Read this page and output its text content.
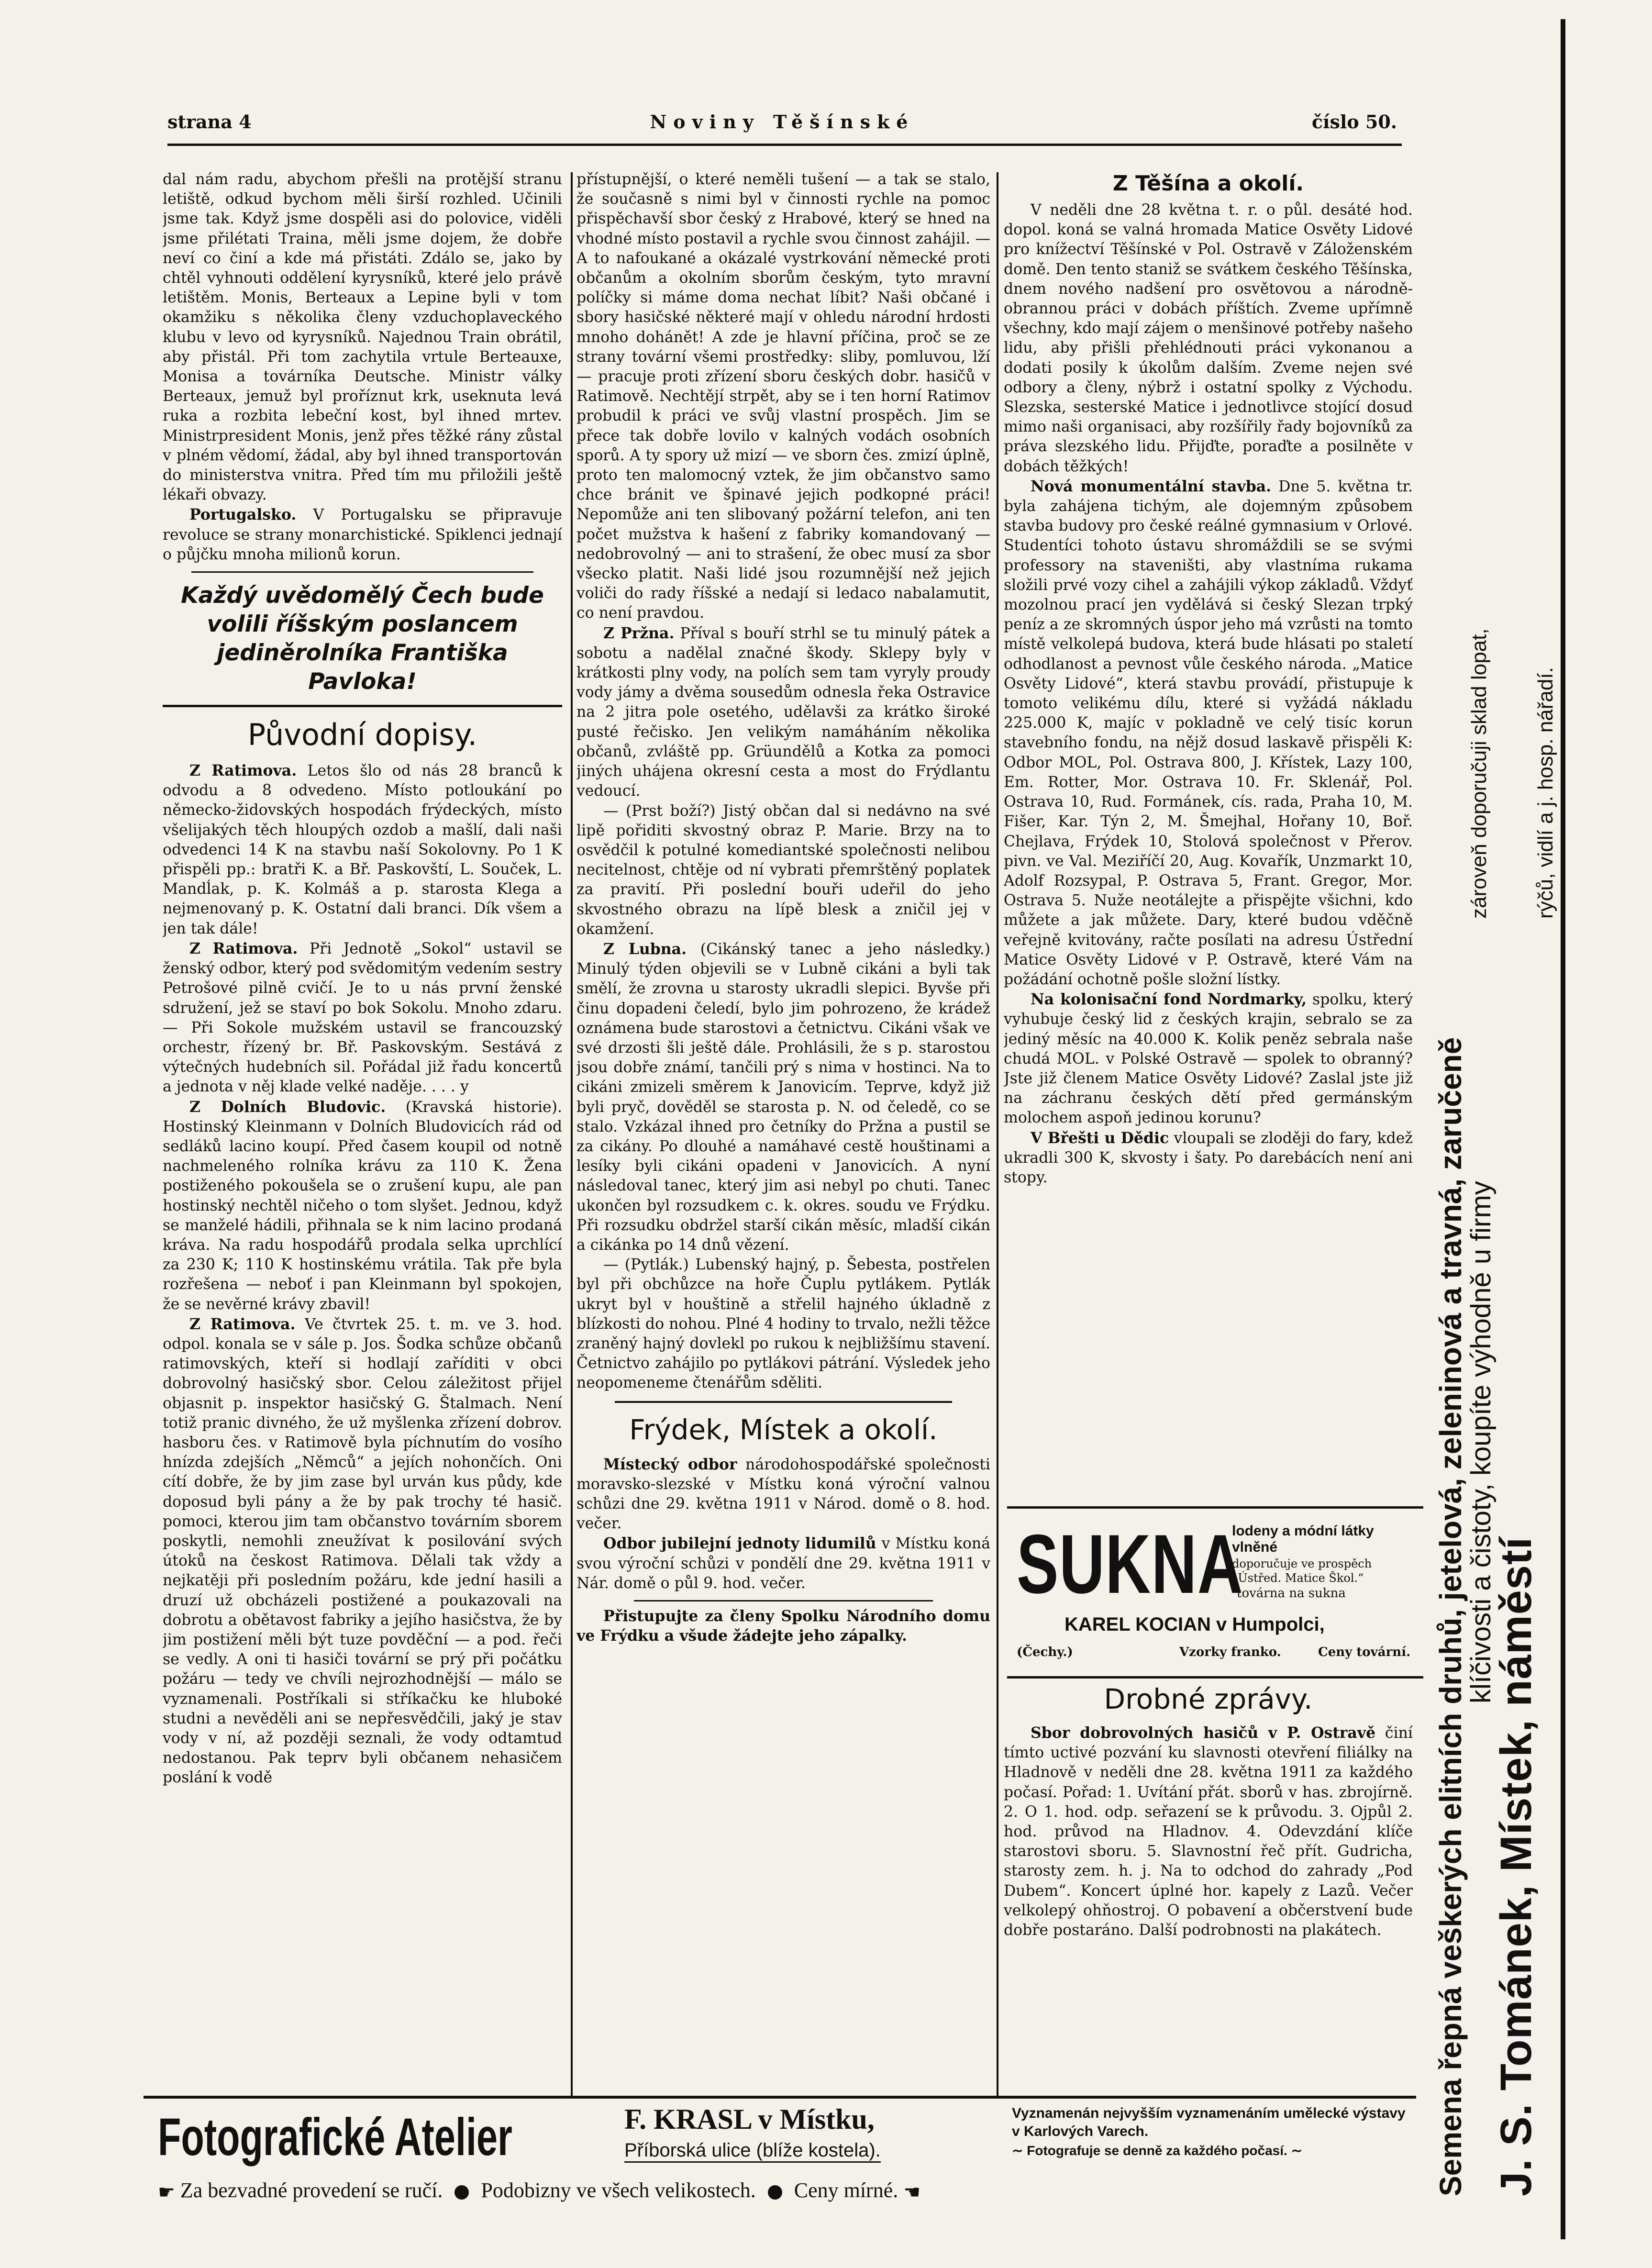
strana 4	Noviny Těšínské	číslo 50.

dal nám radu, abychom přešli na protější stranu letiště, odkud bychom měli širší rozhled. Učinili jsme tak. Když jsme dospěli asi do polovice, viděli jsme přilétati Traina, měli jsme dojem, že dobře neví co činí a kde má přistáti. Zdálo se, jako by chtěl vyhnouti oddělení kyrysníků, které jelo právě letištěm. Monis, Berteaux a Lepine byli v tom okamžiku s několika členy vzduchoplaveckého klubu v levo od kyrysníků. Najednou Train obrátil, aby přistál. Při tom zachytila vrtule Berteauxe, Monisa a továrníka Deutsche. Ministr války Berteaux, jemuž byl proříznut krk, useknuta levá ruka a rozbita lebeční kost, byl ihned mrtev. Ministrpresident Monis, jenž přes těžké rány zůstal v plném vědomí, žádal, aby byl ihned transportován do ministerstva vnitra. Před tím mu přiložili ještě lékaři obvazy.

Portugalsko. V Portugalsku se připravuje revoluce se strany monarchistické. Spiklenci jednají o půjčku mnoha milionů korun.

Každý uvědomělý Čech bude volili říšským poslancem jediněrolníka Františka Pavloka!
Původní dopisy.

Z Ratimova. Letos šlo od nás 28 branců k odvodu a 8 odvedeno. Místo potloukání po německo-židovských hospodách frýdeckých, místo všelijakých těch hloupých ozdob a mašlí, dali naši odvedenci 14 K na stavbu naší Sokolovny. Po 1 K přispěli pp.: bratři K. a Bř. Paskovští, L. Souček, L. Mandĺak, p. K. Kolmáš a p. starosta Klega a nejmenovaný p. K. Ostatní dali branci. Dík všem a jen tak dále!

Z Ratimova. Při Jednotě „Sokol“ ustavil se ženský odbor, který pod svědomitým vedením sestry Petrošové pilně cvičí. Je to u nás první ženské sdružení, jež se staví po bok Sokolu. Mnoho zdaru. — Při Sokole mužském ustavil se francouzský orchestr, řízený br. Bř. Paskovským. Sestává z výtečných hudebních sil. Pořádal již řadu koncertů a jednota v něj klade velké naděje. . . . y

Z Dolních Bludovic. (Kravská historie). Hostinský Kleinmann v Dolních Bludovicích rád od sedláků lacino koupí. Před časem koupil od notně nachmeleného rolníka krávu za 110 K. Žena postiženého pokoušela se o zrušení kupu, ale pan hostinský nechtěl ničeho o tom slyšet. Jednou, když se manželé hádili, přihnala se k nim lacino prodaná kráva. Na radu hospodářů prodala selka uprchlící za 230 K; 110 K hostinskému vrátila. Tak pře byla rozřešena — neboť i pan Kleinmann byl spokojen, že se nevěrné krávy zbavil!

Z Ratimova. Ve čtvrtek 25. t. m. ve 3. hod. odpol. konala se v sále p. Jos. Šodka schůze občanů ratimovských, kteří si hodlají zaříditi v obci dobrovolný hasičský sbor. Celou záležitost přijel objasnit p. inspektor hasičský G. Štalmach. Není totiž pranic divného, že už myšlenka zřízení dobrov. hasboru čes. v Ratimově byla píchnutím do vosího hnízda zdejších „Němců“ a jejích nohončích. Oni cítí dobře, že by jim zase byl urván kus půdy, kde doposud byli pány a že by pak trochy té hasič. pomoci, kterou jim tam občanstvo továrním sborem poskytli, nemohli zneužívat k posilování svých útoků na českost Ratimova. Dělali tak vždy a nejkatěji při posledním požáru, kde jední hasili a druzí už obcházeli postižené a poukazovali na dobrotu a obětavost fabriky a jejího hasičstva, že by jim postižení měli být tuze povděční — a pod. řeči se vedly. A oni ti hasiči tovární se prý při počátku požáru — tedy ve chvíli nejrozhodnější — málo se vyznamenali. Postříkali si stříkačku ke hluboké studni a nevěděli ani se nepřesvědčili, jaký je stav vody v ní, až později seznali, že vody odtamtud nedostanou. Pak teprv byli občanem nehasičem poslání k vodě

přístupnější, o které neměli tušení — a tak se stalo, že současně s nimi byl v činnosti rychle na pomoc přispěchavší sbor český z Hrabové, který se hned na vhodné místo postavil a rychle svou činnost zahájil. — A to nafoukané a okázalé vystrkování německé proti občanům a okolním sborům českým, tyto mravní políčky si máme doma nechat líbit? Naši občané i sbory hasičské některé mají v ohledu národní hrdosti mnoho dohánět! A zde je hlavní příčina, proč se ze strany tovární všemi prostředky: sliby, pomluvou, lží — pracuje proti zřízení sboru českých dobr. hasičů v Ratimově. Nechtějí strpět, aby se i ten horní Ratimov probudil k práci ve svůj vlastní prospěch. Jim se přece tak dobře lovilo v kalných vodách osobních sporů. A ty spory už mizí — ve sborn čes. zmizí úplně, proto ten malomocný vztek, že jim občanstvo samo chce bránit ve špinavé jejich podkopné práci! Nepomůže ani ten slibovaný požární telefon, ani ten počet mužstva k hašení z fabriky komandovaný — nedobrovolný — ani to strašení, že obec musí za sbor všecko platit. Naši lidé jsou rozumnější než jejich voliči do rady říšské a nedají si ledaco nabalamutit, co není pravdou.

Z Pržna. Příval s bouří strhl se tu minulý pátek a sobotu a nadělal značné škody. Sklepy byly v krátkosti plny vody, na polích sem tam vyryly proudy vody jámy a dvěma sousedům odnesla řeka Ostravice na 2 jitra pole osetého, udělavši za krátko široké pusté řečisko. Jen velikým namáháním několika občanů, zvláště pp. Grüundělů a Kotka za pomoci jiných uhájena okresní cesta a most do Frýdlantu vedoucí.

— (Prst boží?) Jistý občan dal si nedávno na své lipě pořiditi skvostný obraz P. Marie. Brzy na to osvědčil k potulné komediantské společnosti nelibou necitelnost, chtěje od ní vybrati přemrštěný poplatek za pravití. Při poslední bouři udeřil do jeho skvostného obrazu na lípě blesk a zničil jej v okamžení.

Z Lubna. (Cikánský tanec a jeho následky.) Minulý týden objevili se v Lubně cikáni a byli tak smělí, že zrovna u starosty ukradli slepici. Byvše při činu dopadeni čeledí, bylo jim pohrozeno, že krádež oznámena bude starostovi a četnictvu. Cikáni však ve své drzosti šli ještě dále. Prohlásili, že s p. starostou jsou dobře známí, tančili prý s nima v hostinci. Na to cikáni zmizeli směrem k Janovicím. Teprve, když již byli pryč, dověděl se starosta p. N. od čeledě, co se stalo. Vzkázal ihned pro četníky do Pržna a pustil se za cikány. Po dlouhé a namáhavé cestě houštinami a lesíky byli cikáni opadeni v Janovicích. A nyní následoval tanec, který jim asi nebyl po chuti. Tanec ukončen byl rozsudkem c. k. okres. soudu ve Frýdku. Při rozsudku obdržel starší cikán měsíc, mladší cikán a cikánka po 14 dnů vězení.

— (Pytlák.) Lubenský hajný, p. Šebesta, postřelen byl při obchůzce na hoře Čuplu pytlákem. Pytlák ukryt byl v houštině a střelil hajného úkladně z blízkosti do nohou. Plné 4 hodiny to trvalo, nežli těžce zraněný hajný dovlekl po rukou k nejbližšímu stavení. Četnictvo zahájilo po pytlákovi pátrání. Výsledek jeho neopomeneme čtenářům sděliti.

Frýdek, Místek a okolí.

Místecký odbor národohospodářské společnosti moravsko-slezské v Místku koná výroční valnou schůzi dne 29. května 1911 v Národ. domě o 8. hod. večer.

Odbor jubilejní jednoty lidumilů v Místku koná svou výroční schůzi v pondělí dne 29. května 1911 v Nár. domě o půl 9. hod. večer.

Přistupujte za členy Spolku Národního domu ve Frýdku a všude žádejte jeho zápalky.

Z Těšína a okolí.

V neděli dne 28 května t. r. o půl. desáté hod. dopol. koná se valná hromada Matice Osvěty Lidové pro knížectví Těšínské v Pol. Ostravě v Záloženském domě. Den tento staniž se svátkem českého Těšínska, dnem nového nadšení pro osvětovou a národně-obrannou práci v dobách příštích. Zveme upřímně všechny, kdo mají zájem o menšinové potřeby našeho lidu, aby přišli přehlédnouti práci vykonanou a dodati posily k úkolům dalším. Zveme nejen své odbory a členy, nýbrž i ostatní spolky z Východu. Slezska, sesterské Matice i jednotlivce stojící dosud mimo naši organisaci, aby rozšířily řady bojovníků za práva slezského lidu. Přijďte, poraďte a posilněte v dobách těžkých!

Nová monumentální stavba. Dne 5. května tr. byla zahájena tichým, ale dojemným způsobem stavba budovy pro české reálné gymnasium v Orlové. Studentíci tohoto ústavu shromáždili se se svými professory na staveništi, aby vlastníma rukama složili prvé vozy cihel a zahájili výkop základů. Vždyť mozolnou prací jen vydělává si český Slezan trpký peníz a ze skromných úspor jeho má vzrůsti na tomto místě velkolepá budova, která bude hlásati po staletí odhodlanost a pevnost vůle českého národa. „Matice Osvěty Lidové“, která stavbu provádí, přistupuje k tomoto velikému dílu, které si vyžádá nákladu 225.000 K, majíc v pokladně ve celý tisíc korun stavebního fondu, na nějž dosud laskavě přispěli K: Odbor MOL, Pol. Ostrava 800, J. Křístek, Lazy 100, Em. Rotter, Mor. Ostrava 10. Fr. Sklenář, Pol. Ostrava 10, Rud. Formánek, cís. rada, Praha 10, M. Fišer, Kar. Týn 2, M. Šmejhal, Hořany 10, Boř. Chejlava, Frýdek 10, Stolová společnost v Přerov. pivn. ve Val. Meziříčí 20, Aug. Kovařík, Unzmarkt 10, Adolf Rozsypal, P. Ostrava 5, Frant. Gregor, Mor. Ostrava 5. Nuže neotálejte a přispějte všichni, kdo můžete a jak můžete. Dary, které budou vděčně veřejně kvitovány, račte posílati na adresu Ústřední Matice Osvěty Lidové v P. Ostravě, které Vám na požádání ochotně pošle složní lístky.

Na kolonisační fond Nordmarky, spolku, který vyhubuje český lid z českých krajin, sebralo se za jediný měsíc na 40.000 K. Kolik peněz sebrala naše chudá MOL. v Polské Ostravě — spolek to obranný? Jste již členem Matice Osvěty Lidové? Zaslal jste již na záchranu českých dětí před germánským molochem aspoň jedinou korunu?

V Břešti u Dědic vloupali se zloději do fary, kdež ukradli 300 K, skvosty i šaty. Po darebácích není ani stopy.

SUKNA
lodeny a módní látky vlněné
doporučuje ve prospěch „Ústřed. Matice Škol.“
továrna na sukna
KAREL KOCIAN v Humpolci,
(Čechy.)	Vzorky franko.	Ceny tovární.
Drobné zprávy.

Sbor dobrovolných hasičů v P. Ostravě činí tímto uctivé pozvání ku slavnosti otevření filiálky na Hladnově v neděli dne 28. května 1911 za každého počasí. Pořad: 1. Uvítání přát. sborů v has. zbrojírně. 2. O 1. hod. odp. seřazení se k průvodu. 3. Ojpůl 2. hod. průvod na Hladnov. 4. Odevzdání klíče starostovi sboru. 5. Slavnostní řeč přít. Gudricha, starosty zem. h. j. Na to odchod do zahrady „Pod Dubem“. Koncert úplné hor. kapely z Lazů. Večer velkolepý ohňostroj. O pobavení a občerstvení bude dobře postaráno. Další podrobnosti na plakátech.	Semena řepná veškerých elitních druhů, jetelová, zeleninová a travná, zaručeně
klíčivosti a čistoty, koupíte výhodně u firmy
zároveň doporučuji sklad lopat,
J. S. Tománek, Místek, náměstí
rýčů, vidlí a j. hosp. nářadí.
Fotografické Atelier	F. KRASL v Místku,
Příborská ulice (blíže kostela).
Vyznamenán nejvyšším vyznamenáním umělecké výstavy v Karlových Varech.
∼ Fotografuje se denně za každého počasí. ∼
☛ Za bezvadné provedení se ručí. Podobizny ve všech velikostech. Ceny mírné. ☚
